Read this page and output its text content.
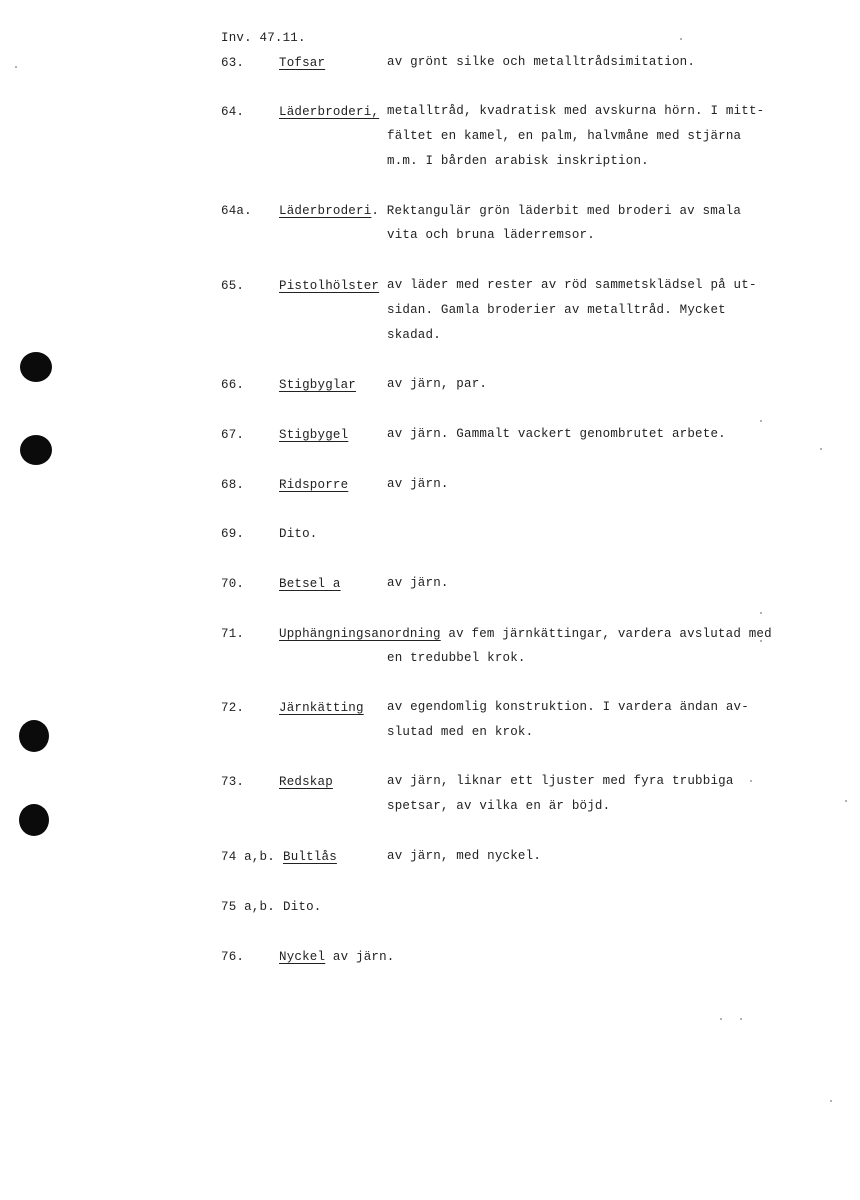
Inv. 47.11.
63.	Tofsar	av grönt silke och metalltrådsimitation.
64.	Läderbroderi, metalltråd, kvadratisk med avskurna hörn. I mitt-
fältet en kamel, en palm, halvmåne med stjärna
m.m. I bården arabisk inskription.
64a. Läderbroderi . Rektangulär grön läderbit med broderi av smala

vita och bruna läderremsor.
65.	Pistolhölster av läder med rester av röd sammetsklädsel på ut-
sidan. Gamla broderier av metalltråd. Mycket
skadad.
66.	Stigbyglar av järn, par.
67.	Stigbygel	av järn. Gammalt vackert genombrutet arbete.
68.	Ridsporre	av järn.
69.	Dito.
70.	Betsel a	av järn.
71.	Upphängningsanordning av fem järnkättingar, vardera avslutad med

en tredubbel krok.
72.	Järnkätting av egendomlig konstruktion. I vardera ändan av-
slutad med en krok.
73.	Redskap	av järn, liknar ett ljuster med fyra trubbiga
spetsar, av vilka en är böjd.
74 a,b. Bultlås	av järn, med nyckel.
75 a,b. Dito.
76.	Nyckel av järn.
